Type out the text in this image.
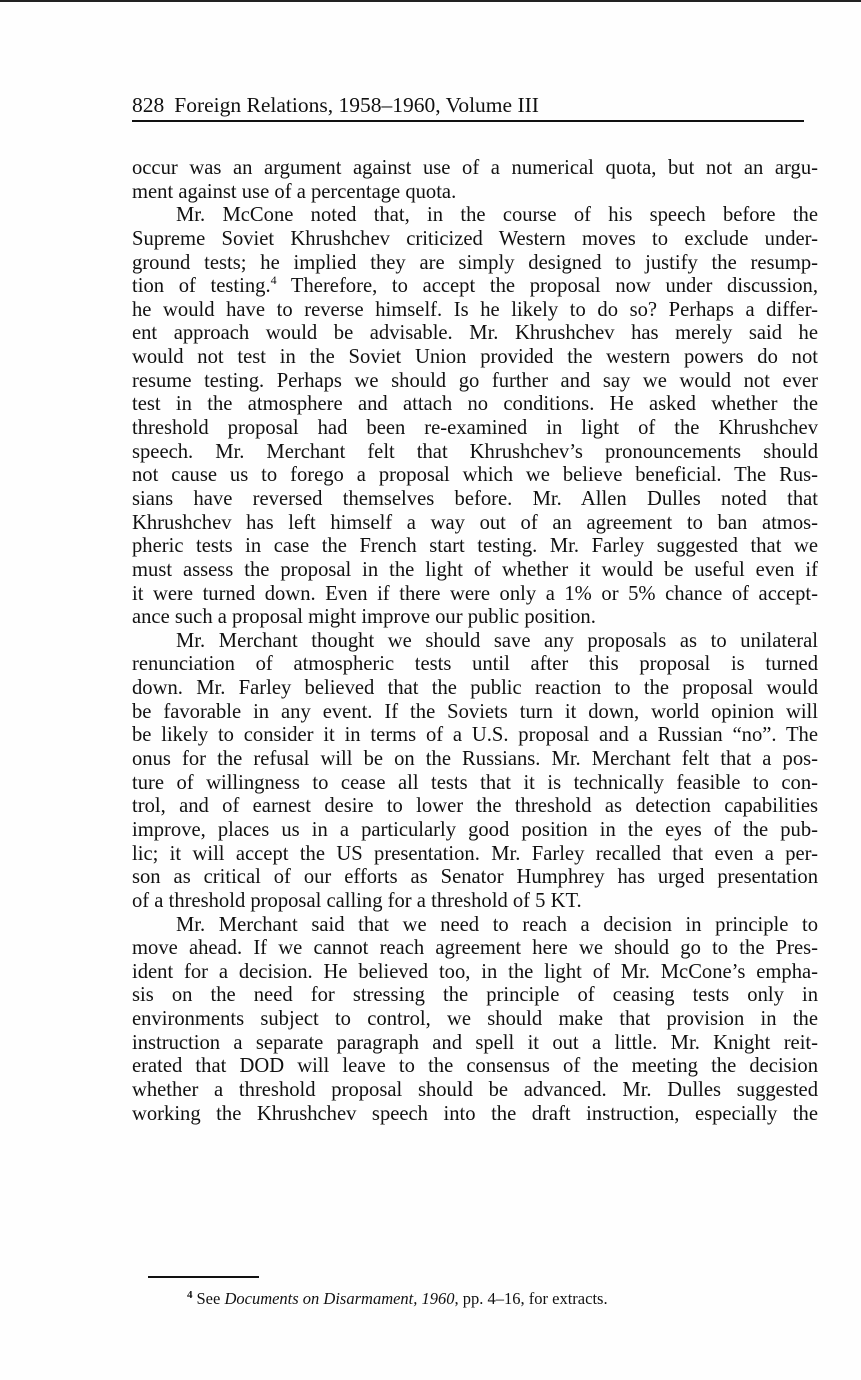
828 Foreign Relations, 1958–1960, Volume III
occur was an argument against use of a numerical quota, but not an argu-
ment against use of a percentage quota.
Mr. McCone noted that, in the course of his speech before the
Supreme Soviet Khrushchev criticized Western moves to exclude under-
ground tests; he implied they are simply designed to justify the resump-
tion of testing.$^4$ Therefore, to accept the proposal now under discussion,
he would have to reverse himself. Is he likely to do so? Perhaps a differ-
ent approach would be advisable. Mr. Khrushchev has merely said he
would not test in the Soviet Union provided the western powers do not
resume testing. Perhaps we should go further and say we would not ever
test in the atmosphere and attach no conditions. He asked whether the
threshold proposal had been re-examined in light of the Khrushchev
speech. Mr. Merchant felt that Khrushchev’s pronouncements should
not cause us to forego a proposal which we believe beneficial. The Rus-
sians have reversed themselves before. Mr. Allen Dulles noted that
Khrushchev has left himself a way out of an agreement to ban atmos-
pheric tests in case the French start testing. Mr. Farley suggested that we
must assess the proposal in the light of whether it would be useful even if
it were turned down. Even if there were only a 1% or 5% chance of accept-
ance such a proposal might improve our public position.
Mr. Merchant thought we should save any proposals as to unilateral
renunciation of atmospheric tests until after this proposal is turned
down. Mr. Farley believed that the public reaction to the proposal would
be favorable in any event. If the Soviets turn it down, world opinion will
be likely to consider it in terms of a U.S. proposal and a Russian “no”. The
onus for the refusal will be on the Russians. Mr. Merchant felt that a pos-
ture of willingness to cease all tests that it is technically feasible to con-
trol, and of earnest desire to lower the threshold as detection capabilities
improve, places us in a particularly good position in the eyes of the pub-
lic; it will accept the US presentation. Mr. Farley recalled that even a per-
son as critical of our efforts as Senator Humphrey has urged presentation
of a threshold proposal calling for a threshold of 5 KT.
Mr. Merchant said that we need to reach a decision in principle to
move ahead. If we cannot reach agreement here we should go to the Pres-
ident for a decision. He believed too, in the light of Mr. McCone’s empha-
sis on the need for stressing the principle of ceasing tests only in
environments subject to control, we should make that provision in the
instruction a separate paragraph and spell it out a little. Mr. Knight reit-
erated that DOD will leave to the consensus of the meeting the decision
whether a threshold proposal should be advanced. Mr. Dulles suggested
working the Khrushchev speech into the draft instruction, especially the
$^4$ See Documents on Disarmament, 1960, pp. 4–16, for extracts.
